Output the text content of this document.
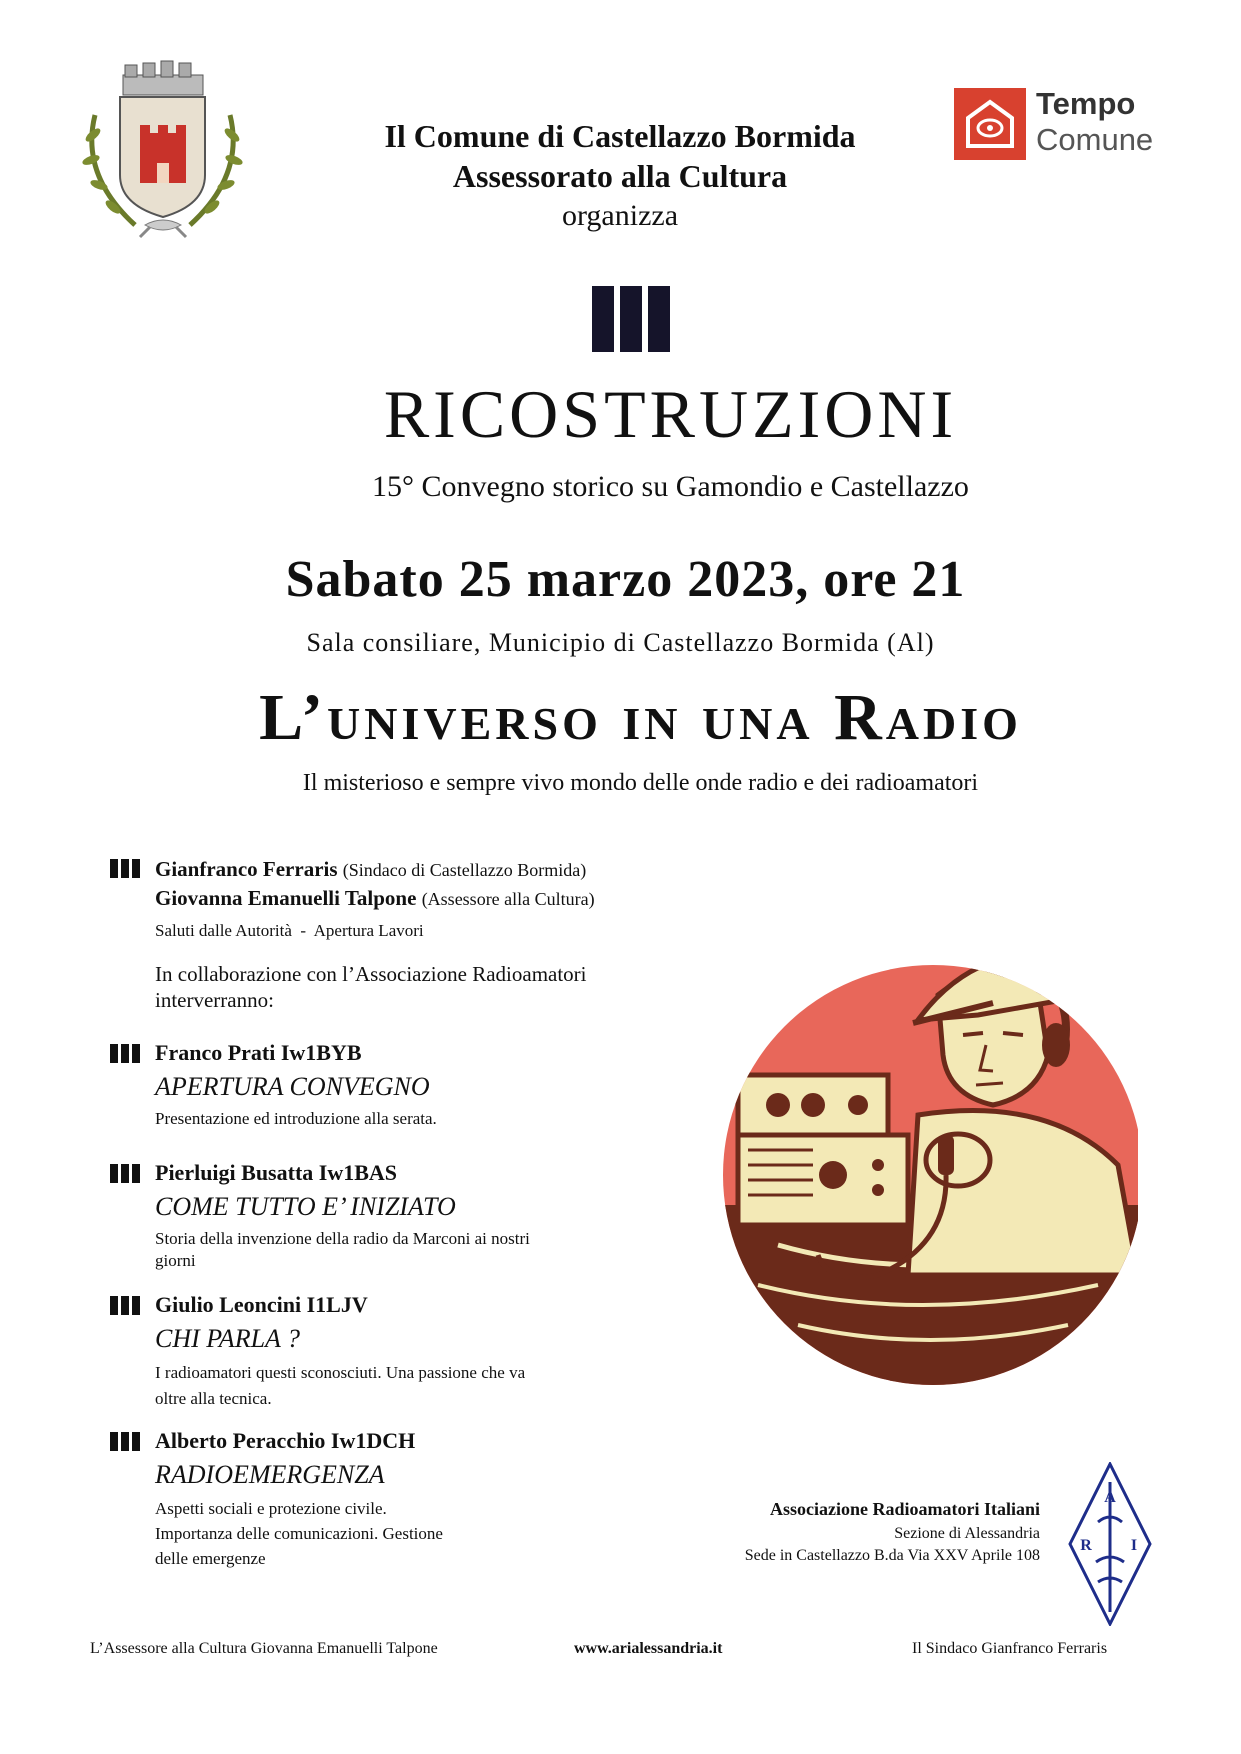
Il Comune di Castellazzo Bormida
Assessorato alla Cultura
organizza
Tempo
Comune
RICOSTRUZIONI
15° Convegno storico su Gamondio e Castellazzo
Sabato 25 marzo 2023, ore 21
Sala consiliare, Municipio di Castellazzo Bormida (Al)
L’universo in una Radio
Il misterioso e sempre vivo mondo delle onde radio e dei radioamatori
Gianfranco Ferraris (Sindaco di Castellazzo Bormida)
Giovanna Emanuelli Talpone (Assessore alla Cultura)
Saluti dalle Autorità  -  Apertura Lavori
In collaborazione con l’Associazione Radioamatori interverranno:
Franco Prati Iw1BYB
APERTURA CONVEGNO
Presentazione ed introduzione alla serata.
Pierluigi Busatta Iw1BAS
COME TUTTO E’ INIZIATO
Storia della invenzione della radio da Marconi ai nostri giorni
Giulio Leoncini I1LJV
CHI PARLA ?
I radioamatori questi sconosciuti. Una passione che va oltre alla tecnica.
Alberto Peracchio Iw1DCH
RADIOEMERGENZA
Aspetti sociali e protezione civile. Importanza delle comunicazioni. Gestione delle emergenze
Associazione Radioamatori Italiani
Sezione di Alessandria
Sede in Castellazzo B.da Via XXV Aprile 108
A
R I
L’Assessore alla Cultura Giovanna Emanuelli Talpone	www.arialessandria.it	Il Sindaco Gianfranco Ferraris
